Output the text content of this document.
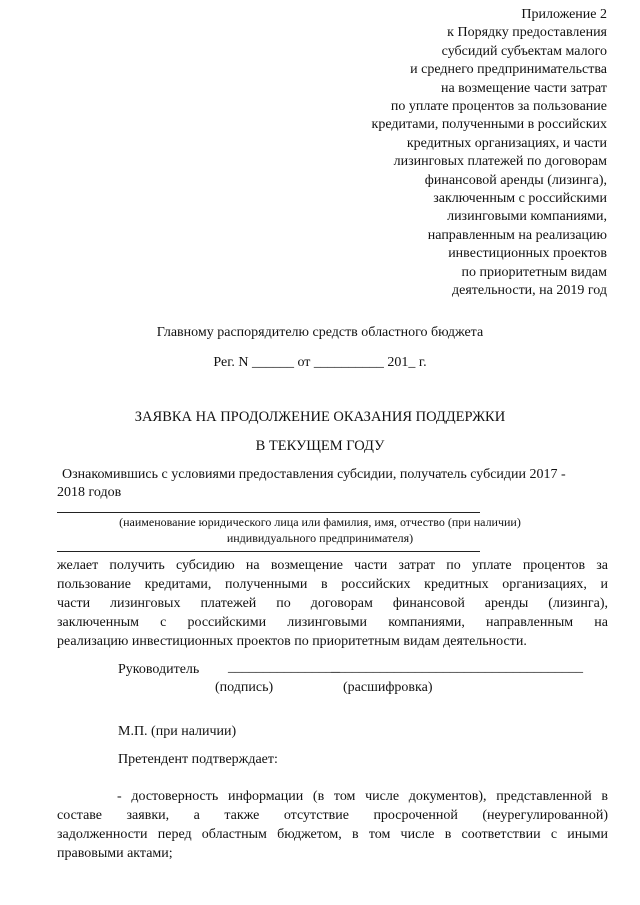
Приложение 2
к Порядку предоставления
субсидий субъектам малого
и среднего предпринимательства
на возмещение части затрат
по уплате процентов за пользование
кредитами, полученными в российских
кредитных организациях, и части
лизинговых платежей по договорам
финансовой аренды (лизинга),
заключенным с российскими
лизинговыми компаниями,
направленным на реализацию
инвестиционных проектов
по приоритетным видам
деятельности, на 2019 год
Главному распорядителю средств областного бюджета
Рег. N ______ от __________ 201_ г.
ЗАЯВКА НА ПРОДОЛЖЕНИЕ ОКАЗАНИЯ ПОДДЕРЖКИ
В ТЕКУЩЕМ ГОДУ
Ознакомившись с условиями предоставления субсидии, получатель субсидии 2017 -
2018 годов
(наименование юридического лица или фамилия, имя, отчество (при наличии)
индивидуального предпринимателя)
желает получить субсидию на возмещение части затрат по уплате процентов за
пользование кредитами, полученными в российских кредитных организациях, и
части лизинговых платежей по договорам финансовой аренды (лизинга),
заключенным с российскими лизинговыми компаниями, направленным на
реализацию инвестиционных проектов по приоритетным видам деятельности.
Руководитель ________________
____________________________________
(подпись)	(расшифровка)
М.П. (при наличии)
Претендент подтверждает:
- достоверность информации (в том числе документов), представленной в
составе заявки, а также отсутствие просроченной (неурегулированной)
задолженности перед областным бюджетом, в том числе в соответствии с иными
правовыми актами;
